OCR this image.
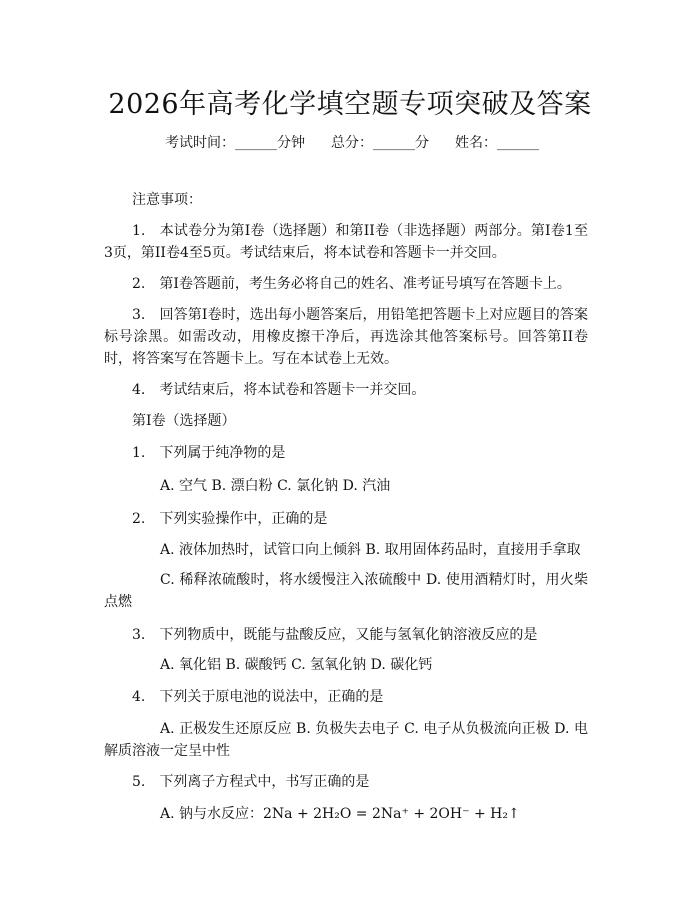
2026年高考化学填空题专项突破及答案
考试时间：______分钟 总分：______分 姓名：______
注意事项：
1.　本试卷分为第I卷（选择题）和第II卷（非选择题）两部分。第I卷1至3页，第II卷4至5页。考试结束后，将本试卷和答题卡一并交回。
2.　第I卷答题前，考生务必将自己的姓名、准考证号填写在答题卡上。
3.　回答第I卷时，选出每小题答案后，用铅笔把答题卡上对应题目的答案标号涂黑。如需改动，用橡皮擦干净后，再选涂其他答案标号。回答第II卷时，将答案写在答题卡上。写在本试卷上无效。
4.　考试结束后，将本试卷和答题卡一并交回。
第I卷（选择题）
1.　下列属于纯净物的是
A. 空气 B. 漂白粉 C. 氯化钠 D. 汽油
2.　下列实验操作中，正确的是
A. 液体加热时，试管口向上倾斜 B. 取用固体药品时，直接用手拿取
C. 稀释浓硫酸时，将水缓慢注入浓硫酸中 D. 使用酒精灯时，用火柴点燃
3.　下列物质中，既能与盐酸反应，又能与氢氧化钠溶液反应的是
A. 氧化铝 B. 碳酸钙 C. 氢氧化钠 D. 碳化钙
4.　下列关于原电池的说法中，正确的是
A. 正极发生还原反应 B. 负极失去电子 C. 电子从负极流向正极 D. 电解质溶液一定呈中性
5.　下列离子方程式中，书写正确的是
A. 钠与水反应：2Na + 2H₂O = 2Na⁺ + 2OH⁻ + H₂↑
